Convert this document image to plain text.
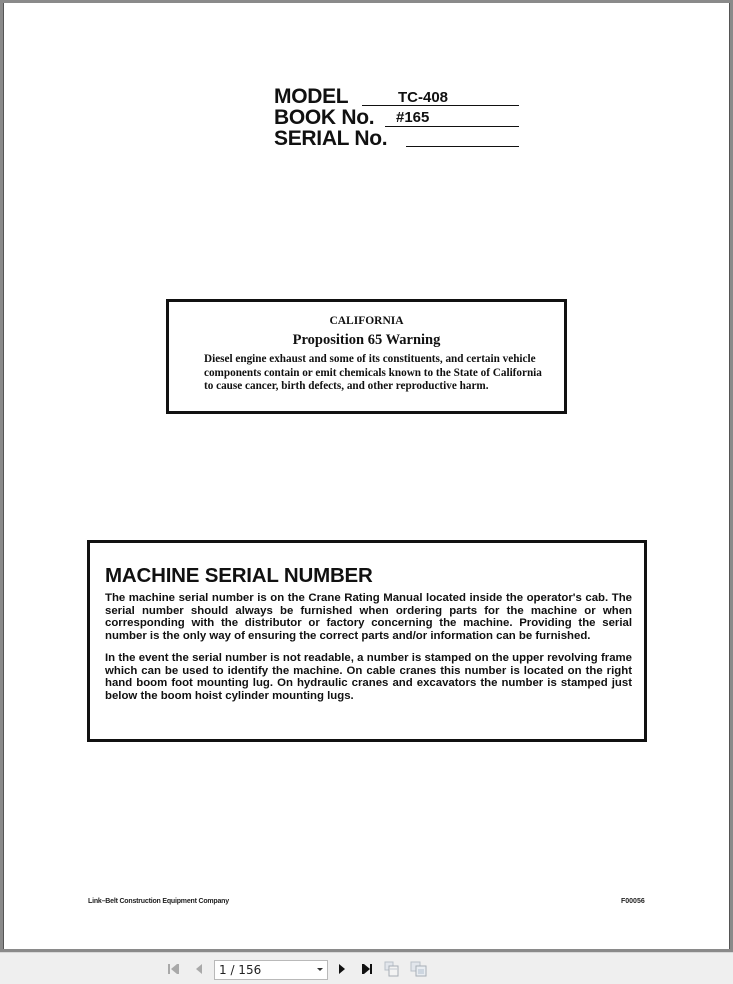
MODEL	TC-408
BOOK No. #165
SERIAL No.
CALIFORNIA
Proposition 65 Warning
Diesel engine exhaust and some of its constituents, and certain vehicle components contain or emit chemicals known to the State of California to cause cancer, birth defects, and other reproductive harm.
MACHINE SERIAL NUMBER
The machine serial number is on the Crane Rating Manual located inside the operator's cab. The serial number should always be furnished when ordering parts for the machine or when corresponding with the distributor or factory concerning the machine. Providing the serial number is the only way of ensuring the correct parts and/or information can be furnished.
In the event the serial number is not readable, a number is stamped on the upper revolving frame which can be used to identify the machine. On cable cranes this number is located on the right hand boom foot mounting lug. On hydraulic cranes and excavators the number is stamped just below the boom hoist cylinder mounting lugs.
Link–Belt Construction Equipment Company	F00056
1 / 156
